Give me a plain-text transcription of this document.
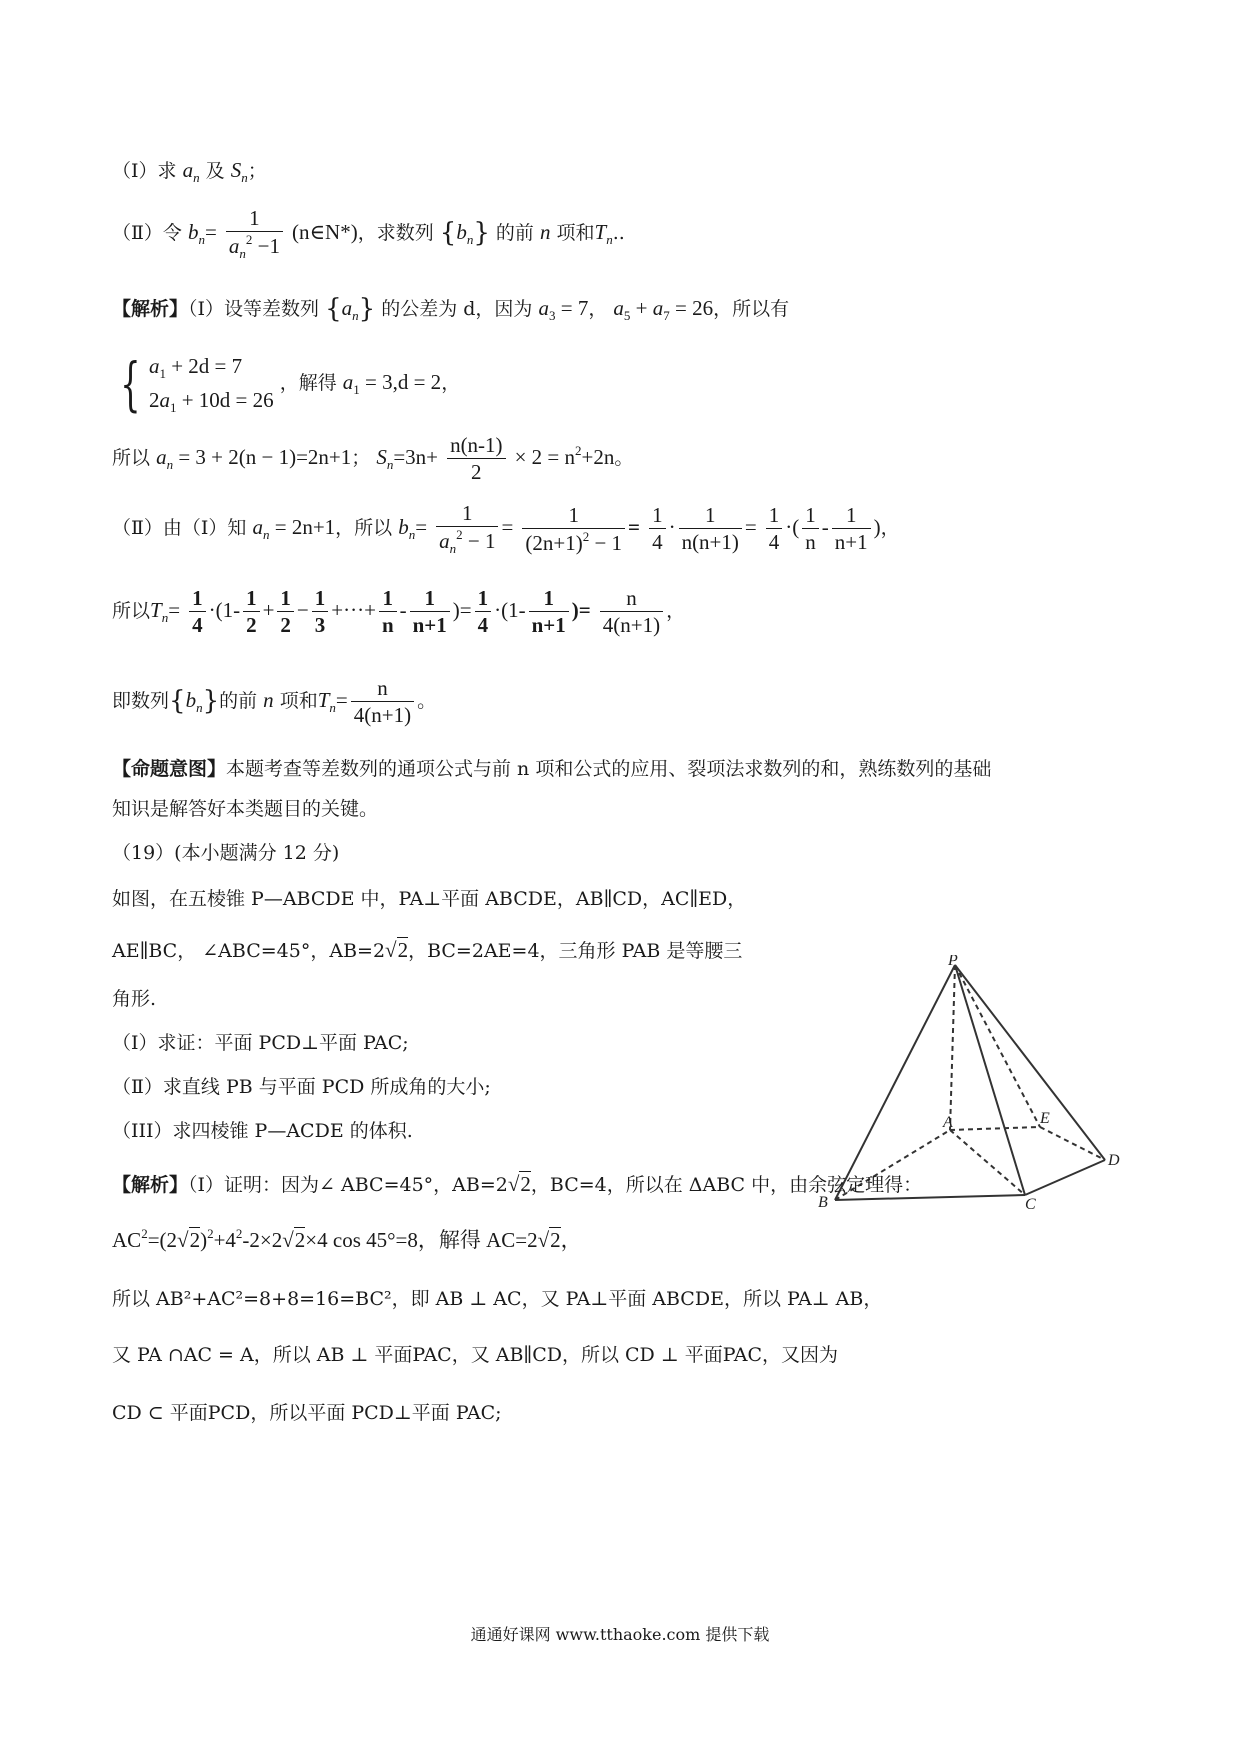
（Ⅰ）求 $a_n$ 及 $S_n$；
（Ⅱ）令 $b_n= \frac{1}{a_n^2 -1}$ (n∈N*)，求数列 $\{b_n\}$ 的前 n 项和$T_n$..
【解析】（Ⅰ）设等差数列 $\{a_n\}$ 的公差为 d，因为 $a_3 = 7$， $a_5 + a_7 = 26$，所以有
{ $a_1 + 2d = 7$
$2a_1 + 10d = 26$ ，解得 $a_1 = 3,d = 2$，
所以 $a_n = 3 + 2(n - 1)=2n+1$； $S_n=3n+ \frac{n(n-1)}{2} \times 2 = n^2+2n$。
（Ⅱ）由（Ⅰ）知 $a_n = 2n+1$，所以 $b_n= \frac{1}{a_n^2 - 1} = \frac{1}{(2n+1)^2 - 1} = \frac{1}{4} \cdot \frac{1}{n(n+1)} = \frac{1}{4}$ ·( $\frac{1}{n} - \frac{1}{n+1}$ )，
所以$T_n= \frac{1}{4} \cdot(1- \frac{1}{2} + \frac{1}{2} - \frac{1}{3}$ +···+ $\frac{1}{n} - \frac{1}{n+1}$ )= $\frac{1}{4} \cdot(1- \frac{1}{n+1}$ )= $\frac{n}{4(n+1)}$ ，
即数列$\{b_n\}$的前 n 项和$T_n= \frac{n}{4(n+1)}$ 。
【命题意图】本题考查等差数列的通项公式与前 n 项和公式的应用、裂项法求数列的和，熟练数列的基础
知识是解答好本类题目的关键。
（19）(本小题满分 12 分)
如图，在五棱锥 P—ABCDE 中，PA⊥平面 ABCDE，AB∥CD，AC∥ED，
AE∥BC， ∠ABC=45°，AB=2√2，BC=2AE=4，三角形 PAB 是等腰三
角形.
（Ⅰ）求证：平面 PCD⊥平面 PAC;
（Ⅱ）求直线 PB 与平面 PCD 所成角的大小;
（III）求四棱锥 P—ACDE 的体积.
P
A	E
D
B	C
【解析】（Ⅰ）证明：因为∠ ABC=45°，AB=2√2，BC=4，所以在 ΔABC 中，由余弦定理得：
$AC^2=(2√2)^2+4^2-2\times 2√2\times 4$ cos 45°=8，解得 AC=2√2，
所以 AB²+AC²=8+8=16=BC²，即 AB ⊥ AC，又 PA⊥平面 ABCDE，所以 PA⊥ AB，
又 PA ∩AC = A，所以 AB ⊥ 平面PAC，又 AB∥CD，所以 CD ⊥ 平面PAC，又因为
CD ⊂ 平面PCD，所以平面 PCD⊥平面 PAC;
通通好课网 www.tthaoke.com 提供下载
